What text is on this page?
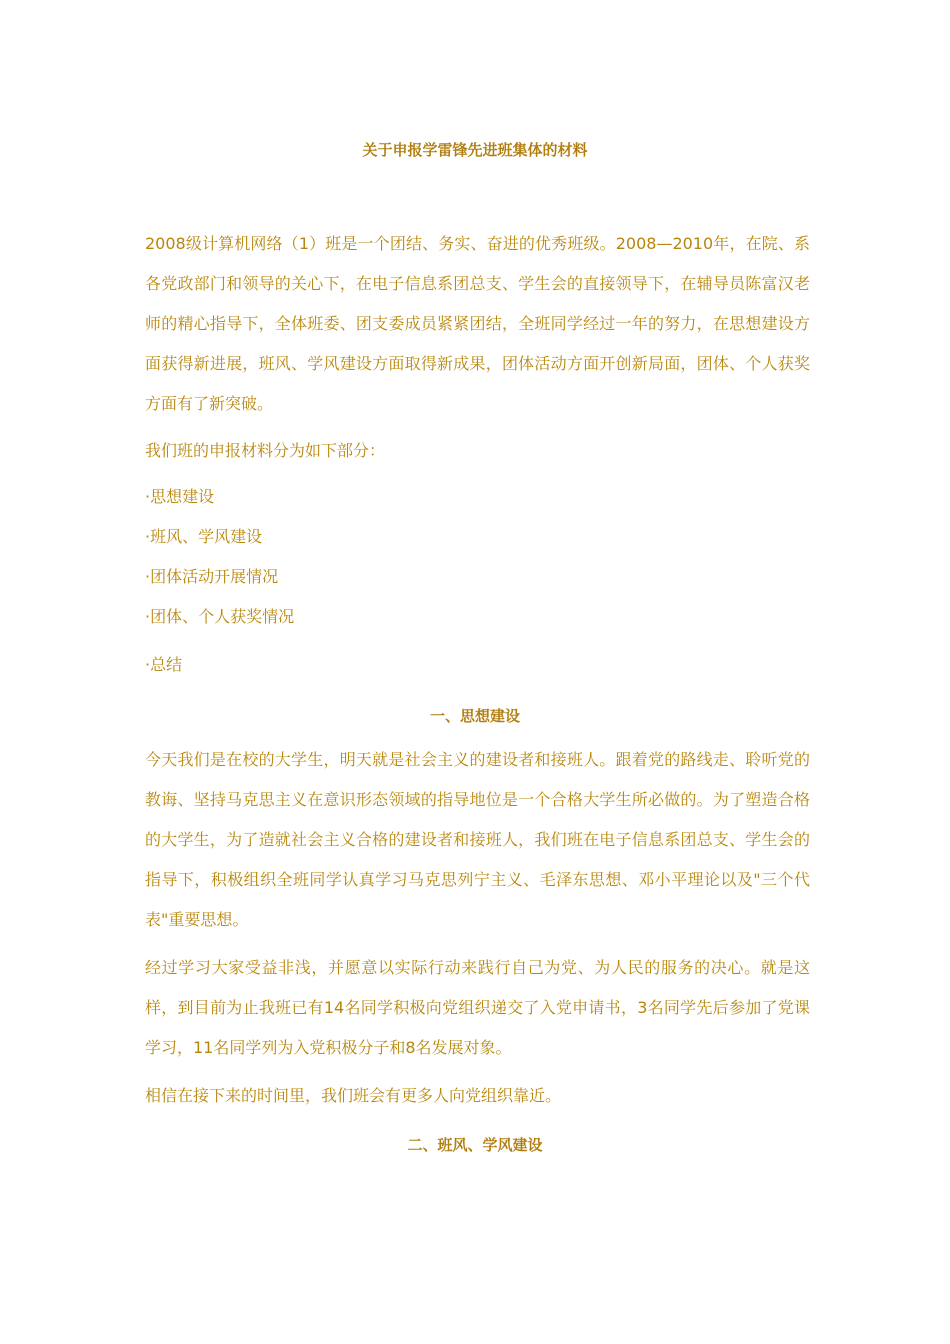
关于申报学雷锋先进班集体的材料

2008级计算机网络（1）班是一个团结、务实、奋进的优秀班级。2008—2010年，在院、系各党政部门和领导的关心下，在电子信息系团总支、学生会的直接领导下，在辅导员陈富汉老师的精心指导下，全体班委、团支委成员紧紧团结，全班同学经过一年的努力，在思想建设方面获得新进展，班风、学风建设方面取得新成果，团体活动方面开创新局面，团体、个人获奖方面有了新突破。

我们班的申报材料分为如下部分：
·思想建设
·班风、学风建设
·团体活动开展情况
·团体、个人获奖情况
·总结
一、思想建设

今天我们是在校的大学生，明天就是社会主义的建设者和接班人。跟着党的路线走、聆听党的教诲、坚持马克思主义在意识形态领域的指导地位是一个合格大学生所必做的。为了塑造合格的大学生，为了造就社会主义合格的建设者和接班人，我们班在电子信息系团总支、学生会的指导下，积极组织全班同学认真学习马克思列宁主义、毛泽东思想、邓小平理论以及"三个代表"重要思想。

经过学习大家受益非浅，并愿意以实际行动来践行自己为党、为人民的服务的决心。就是这样，到目前为止我班已有14名同学积极向党组织递交了入党申请书，3名同学先后参加了党课学习，11名同学列为入党积极分子和8名发展对象。

相信在接下来的时间里，我们班会有更多人向党组织靠近。
二、班风、学风建设
